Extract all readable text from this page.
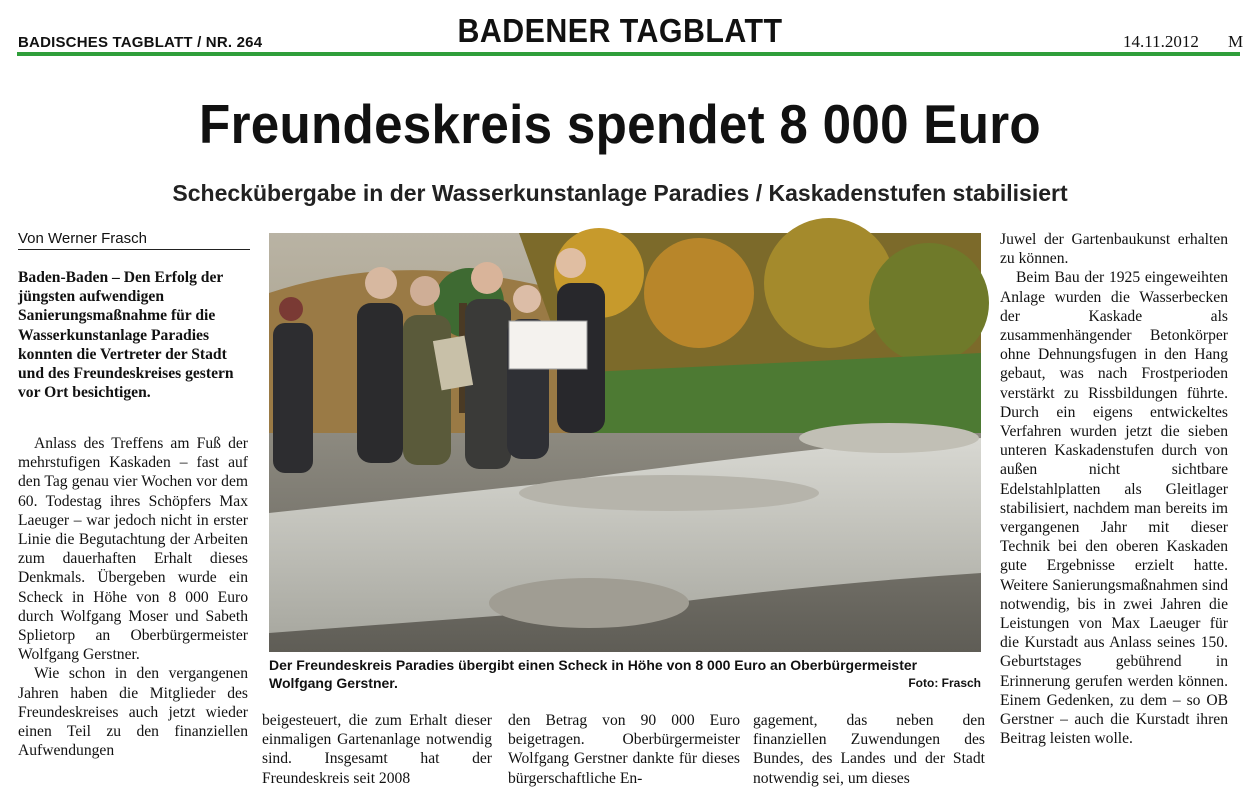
BADISCHES TAGBLATT / NR. 264	BADENER TAGBLATT	14.11.2012 M
Freundeskreis spendet 8 000 Euro
Scheckübergabe in der Wasserkunstanlage Paradies / Kaskadenstufen stabilisiert
Von Werner Frasch
Baden-Baden – Den Erfolg der jüngsten aufwendigen Sanierungsmaßnahme für die Wasserkunstanlage Paradies konnten die Vertreter der Stadt und des Freundeskreises gestern vor Ort besichtigen.

Anlass des Treffens am Fuß der mehrstufigen Kaskaden – fast auf den Tag genau vier Wochen vor dem 60. Todestag ihres Schöpfers Max Laeuger – war jedoch nicht in erster Linie die Begutachtung der Arbeiten zum dauerhaften Erhalt dieses Denkmals. Übergeben wurde ein Scheck in Höhe von 8 000 Euro durch Wolfgang Moser und Sabeth Splietorp an Oberbürgermeister Wolfgang Gerstner.

Wie schon in den vergangenen Jahren haben die Mitglieder des Freundeskreises auch jetzt wieder einen Teil zu den finanziellen Aufwendungen

Der Freundeskreis Paradies übergibt einen Scheck in Höhe von 8 000 Euro an Oberbürgermeister Wolfgang Gerstner.	Foto: Frasch

beigesteuert, die zum Erhalt dieser einmaligen Gartenanlage notwendig sind. Insgesamt hat der Freundeskreis seit 2008

den Betrag von 90 000 Euro beigetragen. Oberbürgermeister Wolfgang Gerstner dankte für dieses bürgerschaftliche En-

gagement, das neben den finanziellen Zuwendungen des Bundes, des Landes und der Stadt notwendig sei, um dieses

Juwel der Gartenbaukunst erhalten zu können.

Beim Bau der 1925 eingeweihten Anlage wurden die Wasserbecken der Kaskade als zusammenhängender Betonkörper ohne Dehnungsfugen in den Hang gebaut, was nach Frostperioden verstärkt zu Rissbildungen führte. Durch ein eigens entwickeltes Verfahren wurden jetzt die sieben unteren Kaskadenstufen durch von außen nicht sichtbare Edelstahlplatten als Gleitlager stabilisiert, nachdem man bereits im vergangenen Jahr mit dieser Technik bei den oberen Kaskaden gute Ergebnisse erzielt hatte. Weitere Sanierungsmaßnahmen sind notwendig, bis in zwei Jahren die Leistungen von Max Laeuger für die Kurstadt aus Anlass seines 150. Geburtstages gebührend in Erinnerung gerufen werden können. Einem Gedenken, zu dem – so OB Gerstner – auch die Kurstadt ihren Beitrag leisten wolle.
